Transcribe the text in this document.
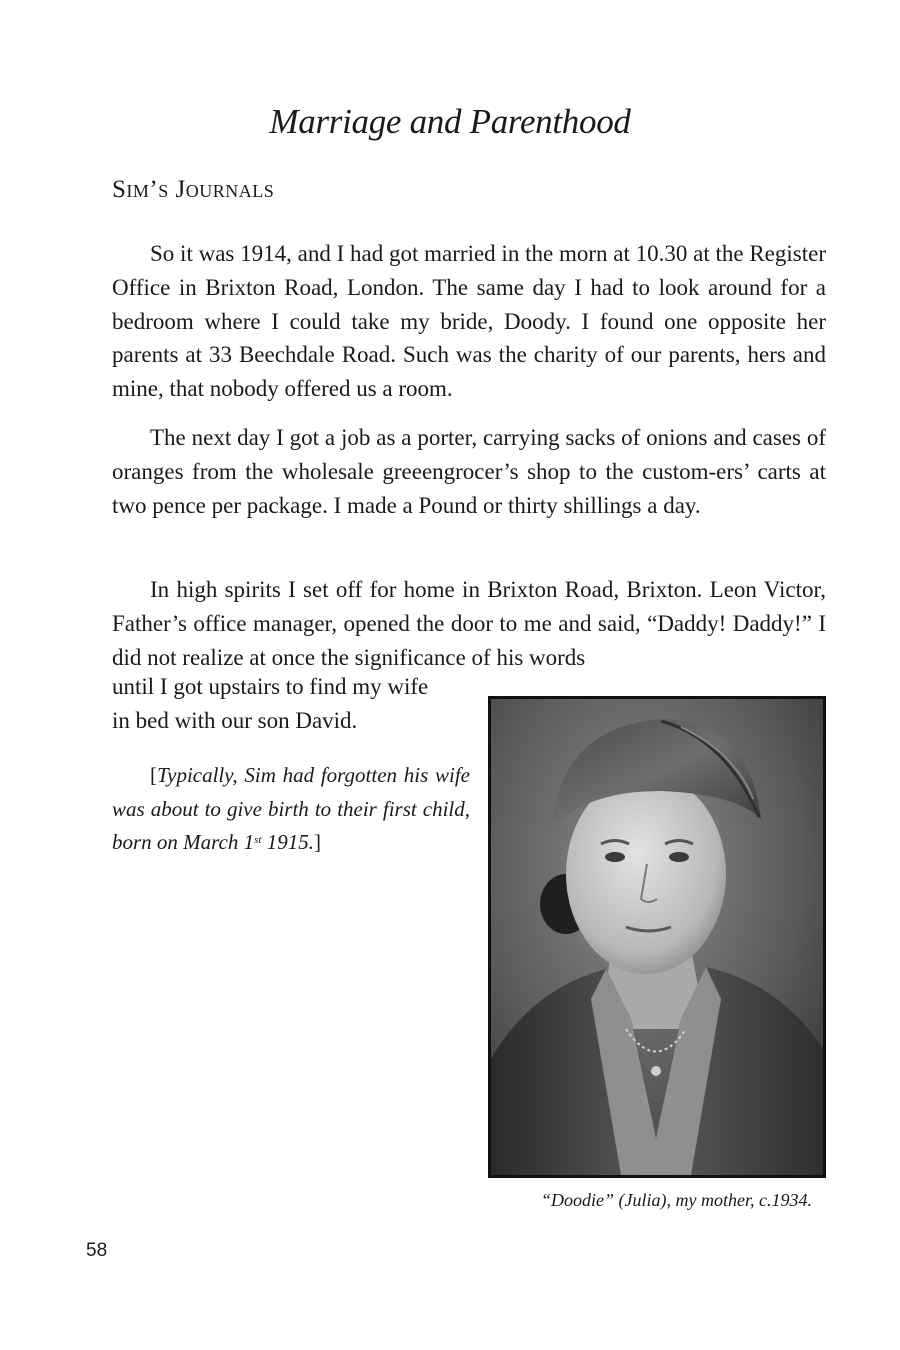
Marriage and Parenthood
Sim’s Journals

So it was 1914, and I had got married in the morn at 10.30 at the Register Office in Brixton Road, London. The same day I had to look around for a bedroom where I could take my bride, Doody. I found one opposite her parents at 33 Beechdale Road. Such was the charity of our parents, hers and mine, that nobody offered us a room.

The next day I got a job as a porter, carrying sacks of onions and cases of oranges from the wholesale greeengrocer’s shop to the custom-ers’ carts at two pence per package. I made a Pound or thirty shillings a day.

In high spirits I set off for home in Brixton Road, Brixton. Leon Victor, Father’s office manager, opened the door to me and said, “Daddy! Daddy!” I did not realize at once the significance of his words

until I got upstairs to find my wife

in bed with our son David.

[Typically, Sim had forgotten his wife was about to give birth to their first child, born on March 1st 1915.]

“Doodie” (Julia), my mother, c.1934.

58
